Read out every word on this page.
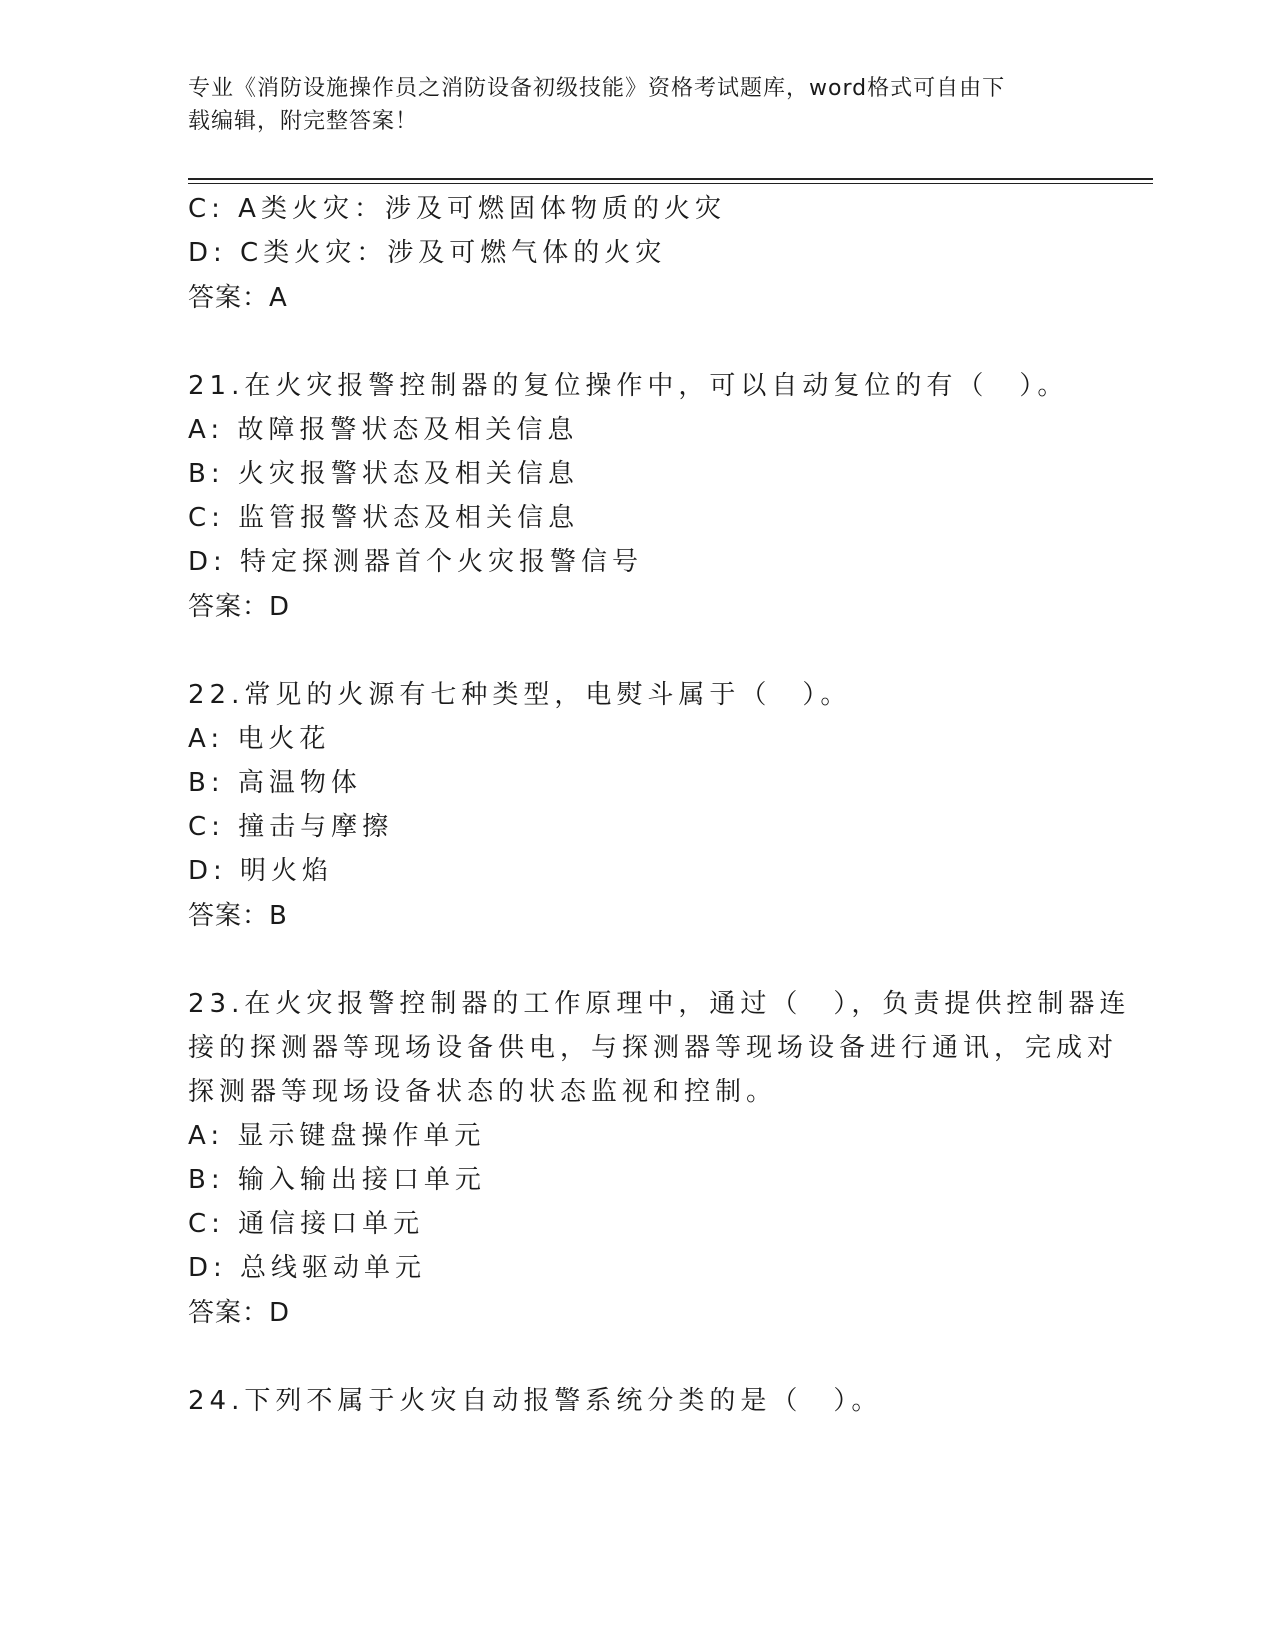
专业《消防设施操作员之消防设备初级技能》资格考试题库，word格式可自由下
载编辑，附完整答案！
C: A类火灾：涉及可燃固体物质的火灾
D: C类火灾：涉及可燃气体的火灾
答案：A
21.在火灾报警控制器的复位操作中，可以自动复位的有（　）。
A: 故障报警状态及相关信息
B: 火灾报警状态及相关信息
C: 监管报警状态及相关信息
D: 特定探测器首个火灾报警信号
答案：D
22.常见的火源有七种类型，电熨斗属于（　）。
A: 电火花
B: 高温物体
C: 撞击与摩擦
D: 明火焰
答案：B
23.在火灾报警控制器的工作原理中，通过（　），负责提供控制器连
接的探测器等现场设备供电，与探测器等现场设备进行通讯，完成对
探测器等现场设备状态的状态监视和控制。
A: 显示键盘操作单元
B: 输入输出接口单元
C: 通信接口单元
D: 总线驱动单元
答案：D
24.下列不属于火灾自动报警系统分类的是（　）。
